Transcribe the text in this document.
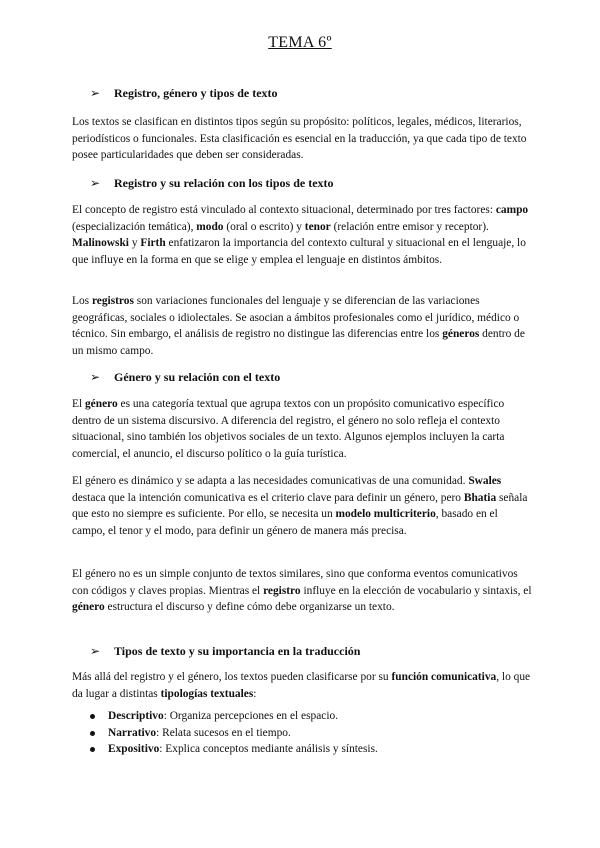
TEMA 6º
➢	Registro, género y tipos de texto
Los textos se clasifican en distintos tipos según su propósito: políticos, legales, médicos, literarios, periodísticos o funcionales. Esta clasificación es esencial en la traducción, ya que cada tipo de texto posee particularidades que deben ser consideradas.
➢	Registro y su relación con los tipos de texto
El concepto de registro está vinculado al contexto situacional, determinado por tres factores: campo (especialización temática), modo (oral o escrito) y tenor (relación entre emisor y receptor). Malinowski y Firth enfatizaron la importancia del contexto cultural y situacional en el lenguaje, lo que influye en la forma en que se elige y emplea el lenguaje en distintos ámbitos.
Los registros son variaciones funcionales del lenguaje y se diferencian de las variaciones geográficas, sociales o idiolectales. Se asocian a ámbitos profesionales como el jurídico, médico o técnico. Sin embargo, el análisis de registro no distingue las diferencias entre los géneros dentro de un mismo campo.
➢	Género y su relación con el texto
El género es una categoría textual que agrupa textos con un propósito comunicativo específico dentro de un sistema discursivo. A diferencia del registro, el género no solo refleja el contexto situacional, sino también los objetivos sociales de un texto. Algunos ejemplos incluyen la carta comercial, el anuncio, el discurso político o la guía turística.
El género es dinámico y se adapta a las necesidades comunicativas de una comunidad. Swales destaca que la intención comunicativa es el criterio clave para definir un género, pero Bhatia señala que esto no siempre es suficiente. Por ello, se necesita un modelo multicriterio, basado en el campo, el tenor y el modo, para definir un género de manera más precisa.
El género no es un simple conjunto de textos similares, sino que conforma eventos comunicativos con códigos y claves propias. Mientras el registro influye en la elección de vocabulario y sintaxis, el género estructura el discurso y define cómo debe organizarse un texto.
➢	Tipos de texto y su importancia en la traducción
Más allá del registro y el género, los textos pueden clasificarse por su función comunicativa, lo que da lugar a distintas tipologías textuales:
Descriptivo: Organiza percepciones en el espacio.
Narrativo: Relata sucesos en el tiempo.
Expositivo: Explica conceptos mediante análisis y síntesis.
